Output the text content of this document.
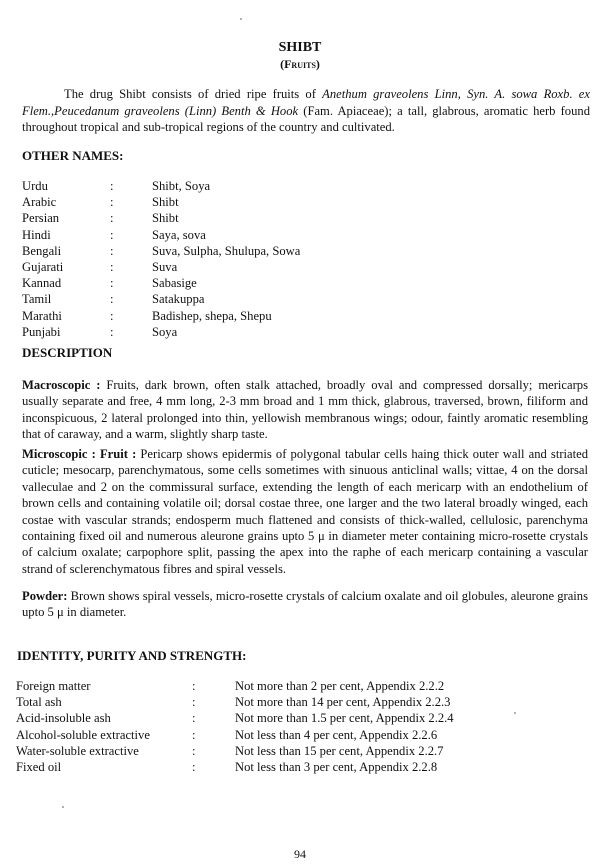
SHIBT
(Fruits)
The drug Shibt consists of dried ripe fruits of Anethum graveolens Linn, Syn. A. sowa Roxb. ex Flem.,Peucedanum graveolens (Linn) Benth & Hook (Fam. Apiaceae); a tall, glabrous, aromatic herb found throughout tropical and sub-tropical regions of the country and cultivated.
OTHER NAMES:
Urdu	:	Shibt, Soya
Arabic	:	Shibt
Persian	:	Shibt
Hindi	:	Saya, sova
Bengali	:	Suva, Sulpha, Shulupa, Sowa
Gujarati	:	Suva
Kannad	:	Sabasige
Tamil	:	Satakuppa
Marathi	:	Badishep, shepa, Shepu
Punjabi	:	Soya
DESCRIPTION
Macroscopic : Fruits, dark brown, often stalk attached, broadly oval and compressed dorsally; mericarps usually separate and free, 4 mm long, 2-3 mm broad and 1 mm thick, glabrous, traversed, brown, filiform and inconspicuous, 2 lateral prolonged into thin, yellowish membranous wings; odour, faintly aromatic resembling that of caraway, and a warm, slightly sharp taste.
Microscopic : Fruit : Pericarp shows epidermis of polygonal tabular cells haing thick outer wall and striated cuticle; mesocarp, parenchymatous, some cells sometimes with sinuous anticlinal walls; vittae, 4 on the dorsal valleculae and 2 on the commissural surface, extending the length of each mericarp with an endothelium of brown cells and containing volatile oil; dorsal costae three, one larger and the two lateral broadly winged, each costae with vascular strands; endosperm much flattened and consists of thick-walled, cellulosic, parenchyma containing fixed oil and numerous aleurone grains upto 5 μ in diameter meter containing micro-rosette crystals of calcium oxalate; carpophore split, passing the apex into the raphe of each mericarp containing a vascular strand of sclerenchymatous fibres and spiral vessels.
Powder: Brown shows spiral vessels, micro-rosette crystals of calcium oxalate and oil globules, aleurone grains upto 5 μ in diameter.
IDENTITY, PURITY AND STRENGTH:
Foreign matter	:	Not more than 2 per cent, Appendix 2.2.2
Total ash	:	Not more than 14 per cent, Appendix 2.2.3
Acid-insoluble ash	:	Not more than 1.5 per cent, Appendix 2.2.4
Alcohol-soluble extractive	:	Not less than 4 per cent, Appendix 2.2.6
Water-soluble extractive	:	Not less than 15 per cent, Appendix 2.2.7
Fixed oil	:	Not less than 3 per cent, Appendix 2.2.8
94
